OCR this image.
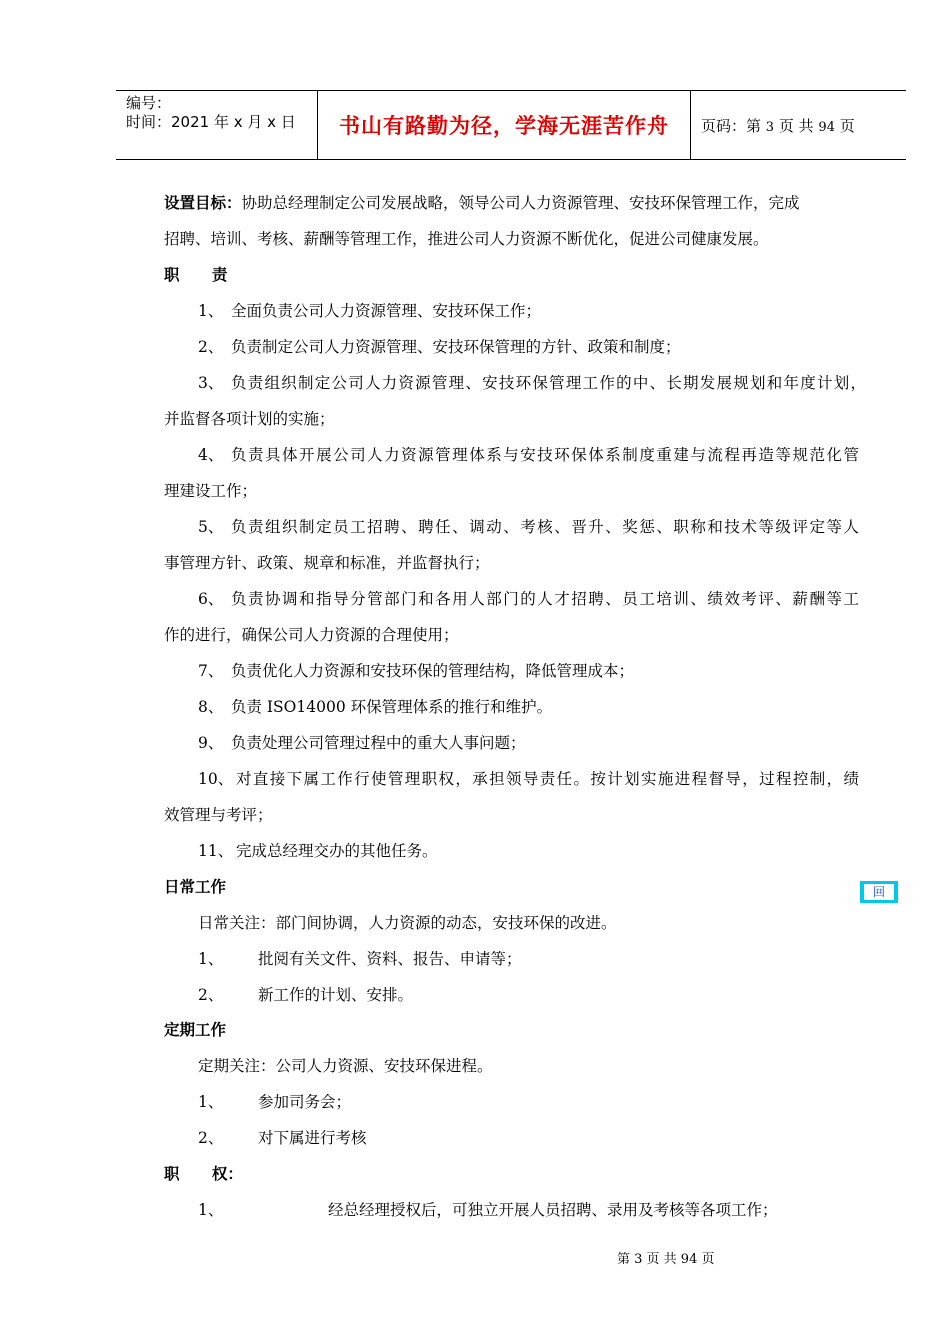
编号：
时间：2021 年 x 月 x 日 书山有路勤为径，学海无涯苦作舟 页码：第 3 页 共 94 页
设置目标：协助总经理制定公司发展战略，领导公司人力资源管理、安技环保管理工作，完成
招聘、培训、考核、薪酬等管理工作，推进公司人力资源不断优化，促进公司健康发展。
职      责
1、 全面负责公司人力资源管理、安技环保工作；
2、 负责制定公司人力资源管理、安技环保管理的方针、政策和制度；
3、 负责组织制定公司人力资源管理、安技环保管理工作的中、长期发展规划和年度计划，
并监督各项计划的实施；
4、 负责具体开展公司人力资源管理体系与安技环保体系制度重建与流程再造等规范化管
理建设工作；
5、 负责组织制定员工招聘、聘任、调动、考核、晋升、奖惩、职称和技术等级评定等人
事管理方针、政策、规章和标准，并监督执行；
6、 负责协调和指导分管部门和各用人部门的人才招聘、员工培训、绩效考评、薪酬等工
作的进行，确保公司人力资源的合理使用；
7、 负责优化人力资源和安技环保的管理结构，降低管理成本；
8、 负责 ISO14000 环保管理体系的推行和维护。
9、 负责处理公司管理过程中的重大人事问题；
10、 对直接下属工作行使管理职权，承担领导责任。按计划实施进程督导，过程控制，绩
效管理与考评；
11、 完成总经理交办的其他任务。
日常工作	回
日常关注：部门间协调，人力资源的动态，安技环保的改进。
1、 批阅有关文件、资料、报告、申请等；
2、 新工作的计划、安排。
定期工作
定期关注：公司人力资源、安技环保进程。
1、 参加司务会；
2、 对下属进行考核
职      权：
1、	经总经理授权后，可独立开展人员招聘、录用及考核等各项工作；
第 3 页 共 94 页
